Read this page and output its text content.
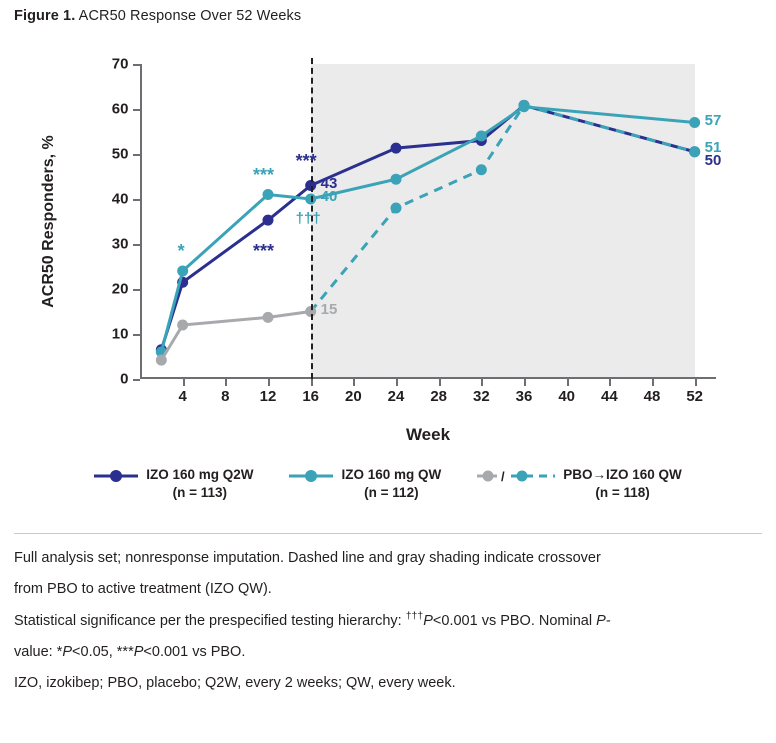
Figure 1. ACR50 Response Over 52 Weeks
ACR50 Responders, %
Week
0
10
20
30
40
50
60
70
4 8 12 16 20 24 28 32 36 40 44 48 52
43
40
15
57
51
50
*
***
***
***
†††
IZO 160 mg Q2W
(n = 113)
IZO 160 mg QW
(n = 112)
/	PBO→IZO 160 QW
(n = 118)

Full analysis set; nonresponse imputation. Dashed line and gray shading indicate crossover

from PBO to active treatment (IZO QW).

Statistical significance per the prespecified testing hierarchy: †††P<0.001 vs PBO. Nominal P-

value: *P<0.05, ***P<0.001 vs PBO.

IZO, izokibep; PBO, placebo; Q2W, every 2 weeks; QW, every week.
